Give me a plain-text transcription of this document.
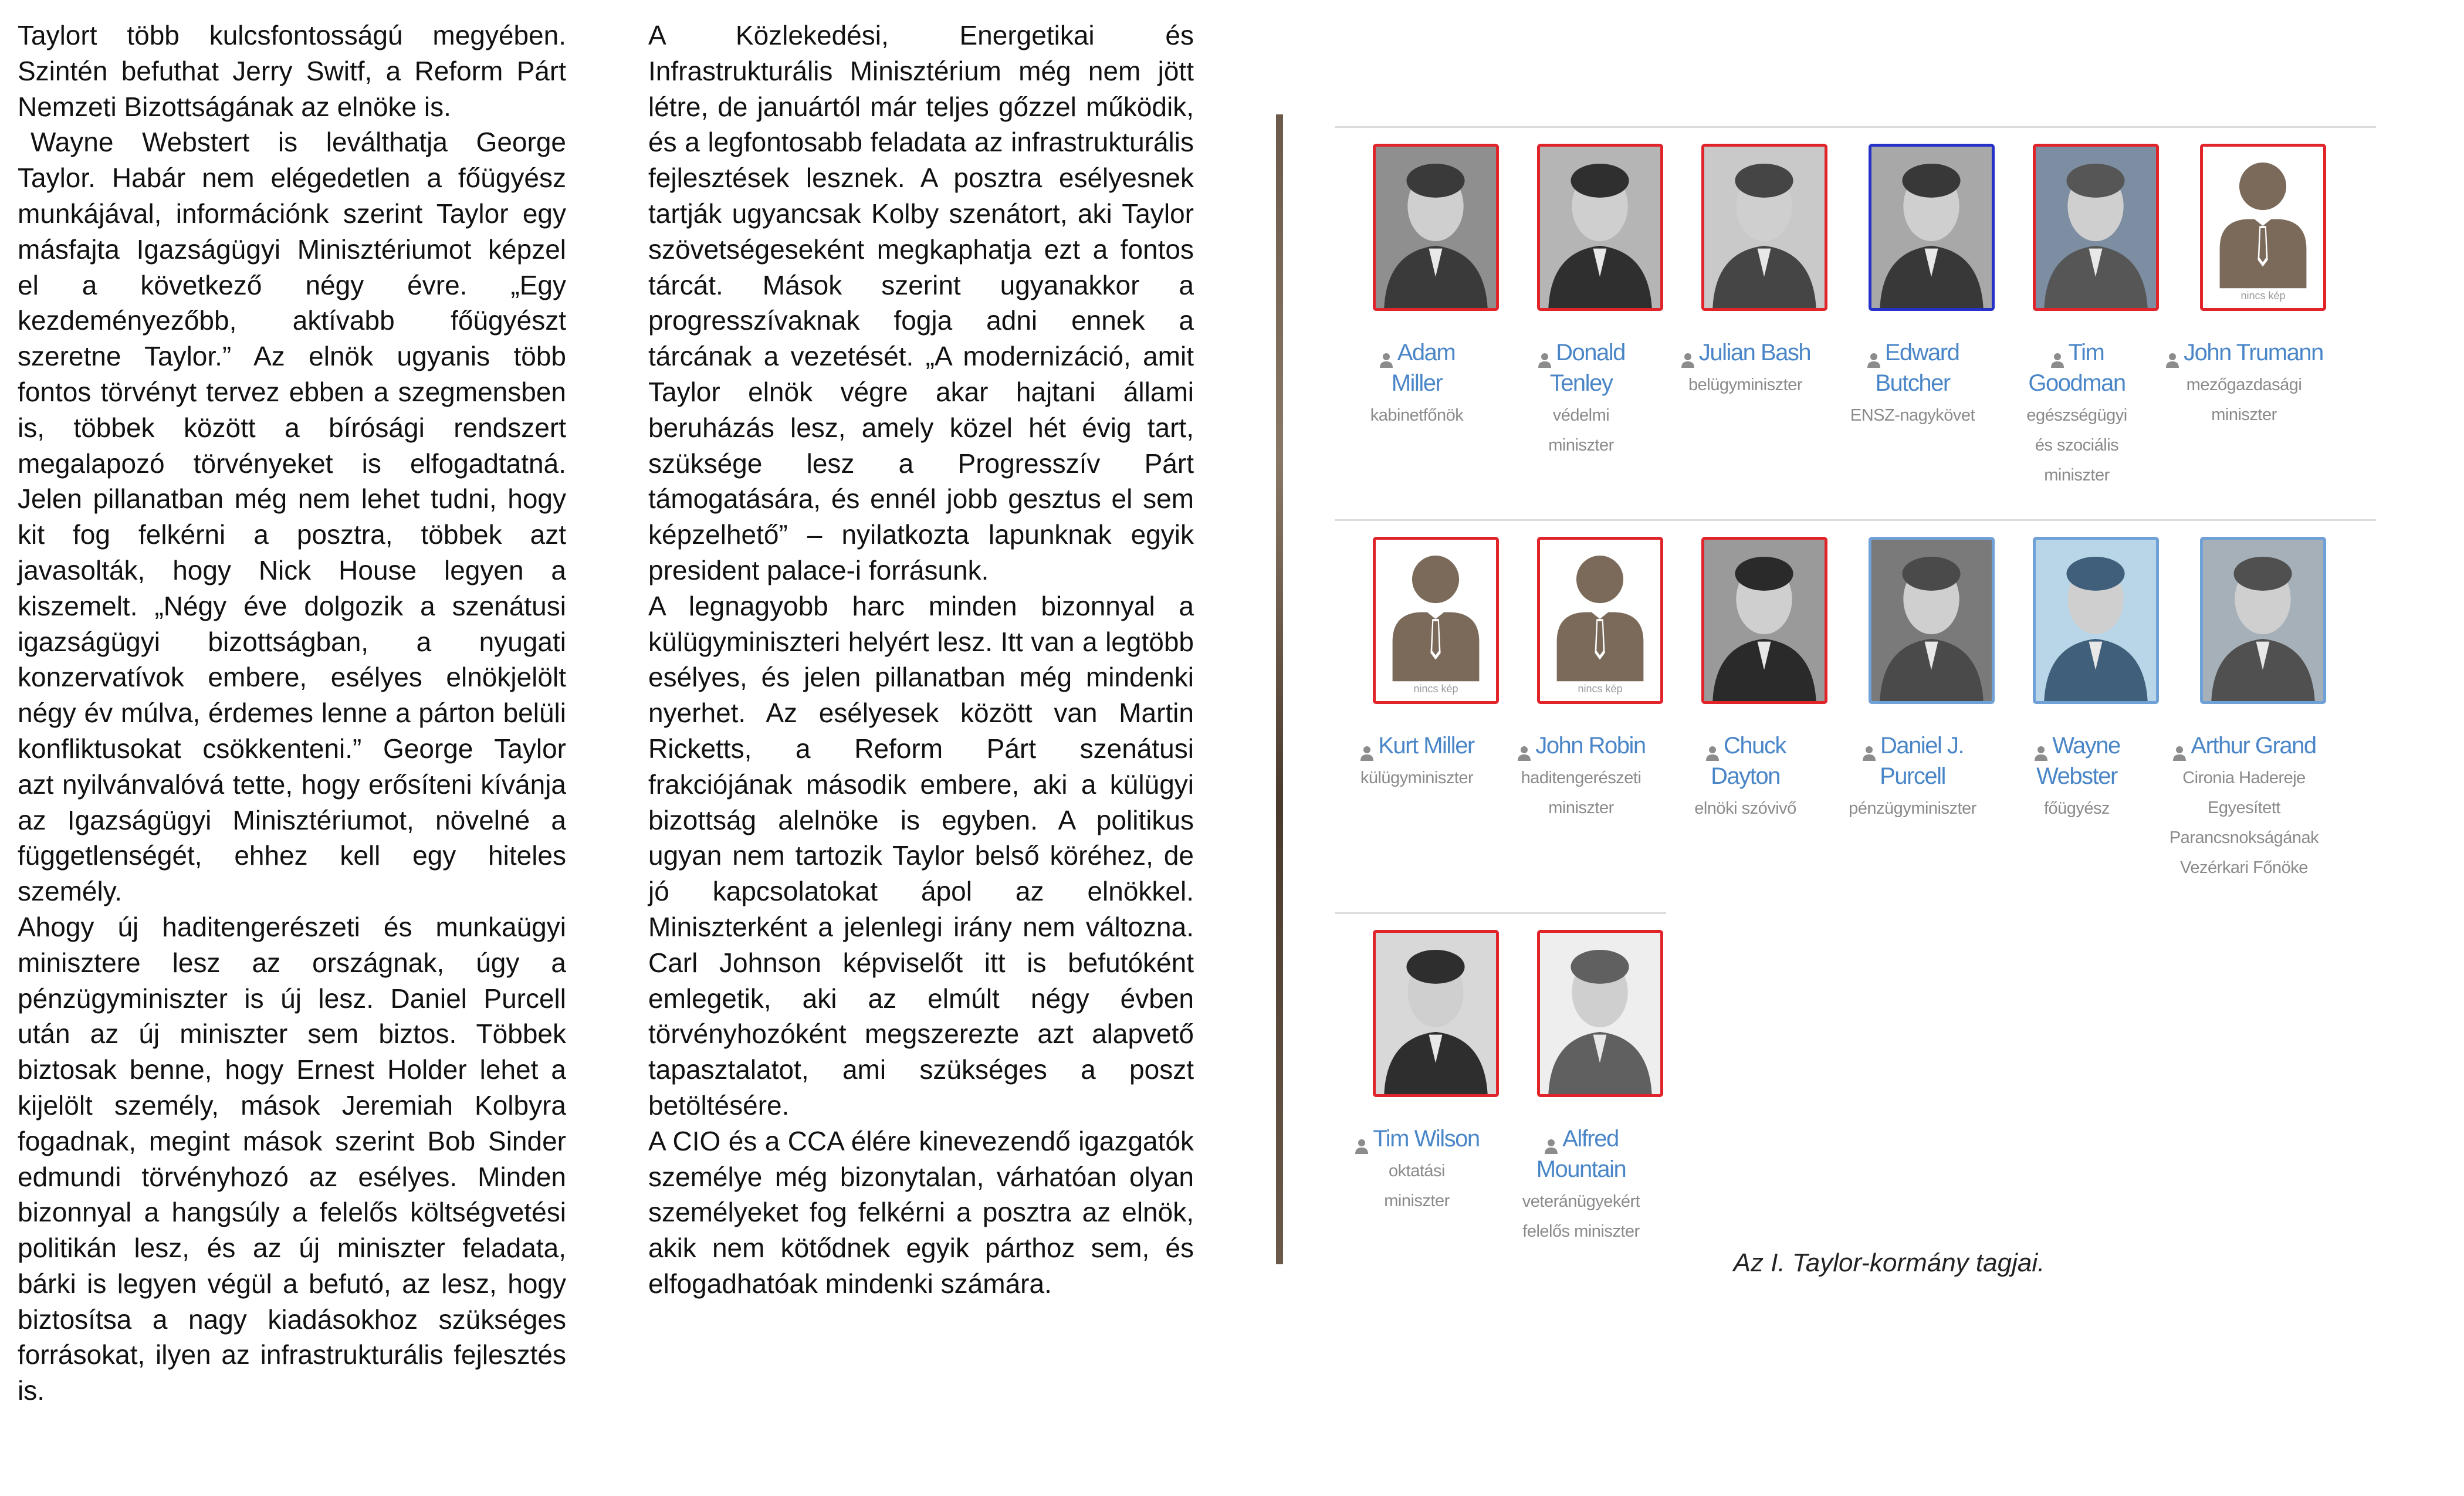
Taylort több kulcsfontosságú megyében. Szintén befuthat Jerry Switf, a Reform Párt Nemzeti Bizottságának az elnöke is.

Wayne Webstert is leválthatja George Taylor. Habár nem elégedetlen a főügyész munkájával, információnk szerint Taylor egy másfajta Igazságügyi Minisztériumot képzel el a következő négy évre. „Egy kezdeményezőbb, aktívabb főügyészt szeretne Taylor.” Az elnök ugyanis több fontos törvényt tervez ebben a szegmensben is, többek között a bírósági rendszert megalapozó törvényeket is elfogadtatná. Jelen pillanatban még nem lehet tudni, hogy kit fog felkérni a posztra, többek azt javasolták, hogy Nick House legyen a kiszemelt. „Négy éve dolgozik a szenátusi igazságügyi bizottságban, a nyugati konzervatívok embere, esélyes elnökjelölt négy év múlva, érdemes lenne a párton belüli konfliktusokat csökkenteni.” George Taylor azt nyilvánvalóvá tette, hogy erősíteni kívánja az Igazságügyi Minisztériumot, növelné a függetlenségét, ehhez kell egy hiteles személy.

Ahogy új haditengerészeti és munkaügyi minisztere lesz az országnak, úgy a pénzügyminiszter is új lesz. Daniel Purcell után az új miniszter sem biztos. Többek biztosak benne, hogy Ernest Holder lehet a kijelölt személy, mások Jeremiah Kolbyra fogadnak, megint mások szerint Bob Sinder edmundi törvényhozó az esélyes. Minden bizonnyal a hangsúly a felelős költségvetési politikán lesz, és az új miniszter feladata, bárki is legyen végül a befutó, az lesz, hogy biztosítsa a nagy kiadásokhoz szükséges forrásokat, ilyen az infrastrukturális fejlesztés is.

A Közlekedési, Energetikai és Infrastrukturális Minisztérium még nem jött létre, de januártól már teljes gőzzel működik, és a legfontosabb feladata az infrastrukturális fejlesztések lesznek. A posztra esélyesnek tartják ugyancsak Kolby szenátort, aki Taylor szövetségeseként megkaphatja ezt a fontos tárcát. Mások szerint ugyanakkor a progresszívaknak fogja adni ennek a tárcának a vezetését. „A modernizáció, amit Taylor elnök végre akar hajtani állami beruházás lesz, amely közel hét évig tart, szüksége lesz a Progresszív Párt támogatására, és ennél jobb gesztus el sem képzelhető” – nyilatkozta lapunknak egyik president palace-i forrásunk.

A legnagyobb harc minden bizonnyal a külügyminiszteri helyért lesz. Itt van a legtöbb esélyes, és jelen pillanatban még mindenki nyerhet. Az esélyesek között van Martin Ricketts, a Reform Párt szenátusi frakciójának második embere, aki a külügyi bizottság alelnöke is egyben. A politikus ugyan nem tartozik Taylor belső köréhez, de jó kapcsolatokat ápol az elnökkel. Miniszterként a jelenlegi irány nem változna. Carl Johnson képviselőt itt is befutóként emlegetik, aki az elmúlt négy évben törvényhozóként megszerezte azt alapvető tapasztalatot, ami szükséges a poszt betöltésére.

A CIO és a CCA élére kinevezendő igazgatók személye még bizonytalan, várhatóan olyan személyeket fog felkérni a posztra az elnök, akik nem kötődnek egyik párthoz sem, és elfogadhatóak mindenki számára.

Adam
Miller
kabinetfőnök
Donald
Tenley
védelmi
miniszter
Julian Bash
belügyminiszter
Edward
Butcher
ENSZ-nagykövet
Tim
Goodman
egészségügyi
és szociális
miniszter
nincs kép
John Trumann
mezőgazdasági miniszter
nincs kép
Kurt Miller
külügyminiszter
nincs kép
John Robin
haditengerészeti
miniszter
Chuck
Dayton
elnöki szóvivő
Daniel J.
Purcell
pénzügyminiszter
Wayne
Webster
főügyész
Arthur Grand
Cironia Hadereje
Egyesített
Parancsnokságának
Vezérkari Főnöke
Tim Wilson
oktatási
miniszter
Alfred
Mountain
veteránügyekért
felelős miniszter
Az I. Taylor-kormány tagjai.
